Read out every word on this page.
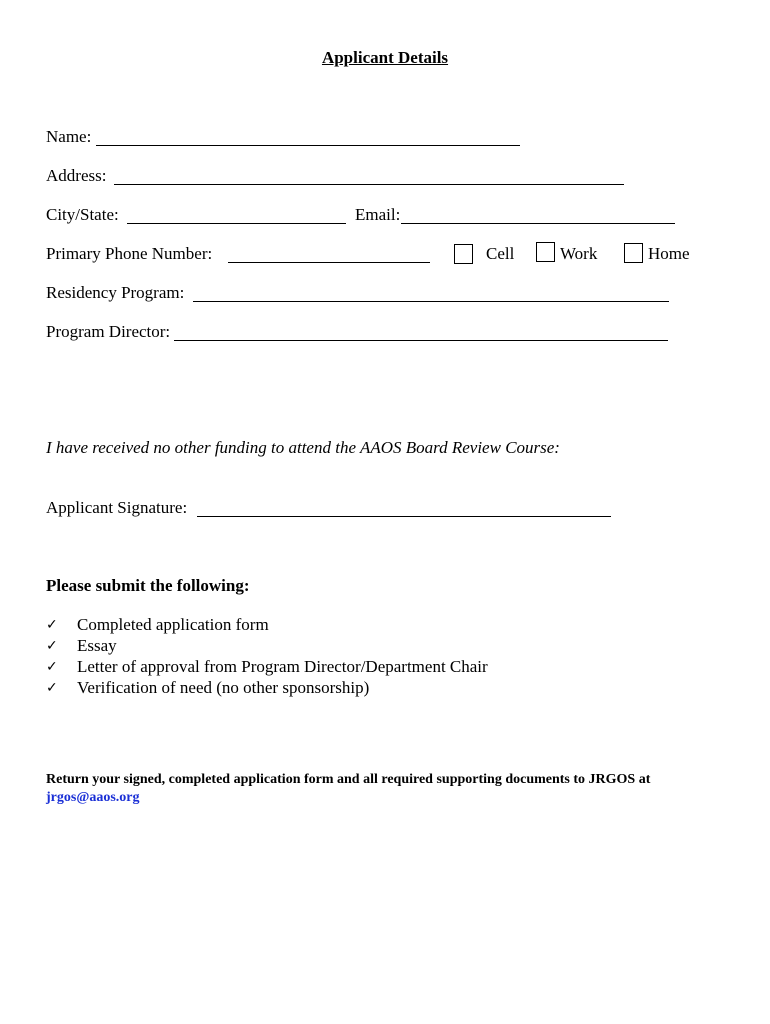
Applicant Details
Name:
Address:
City/State:	Email:
Primary Phone Number:	Cell	Work	Home
Residency Program:
Program Director:
I have received no other funding to attend the AAOS Board Review Course:
Applicant Signature:
Please submit the following:
✓ Completed application form
✓ Essay
✓ Letter of approval from Program Director/Department Chair
✓ Verification of need (no other sponsorship)
Return your signed, completed application form and all required supporting documents to JRGOS at
jrgos@aaos.org
